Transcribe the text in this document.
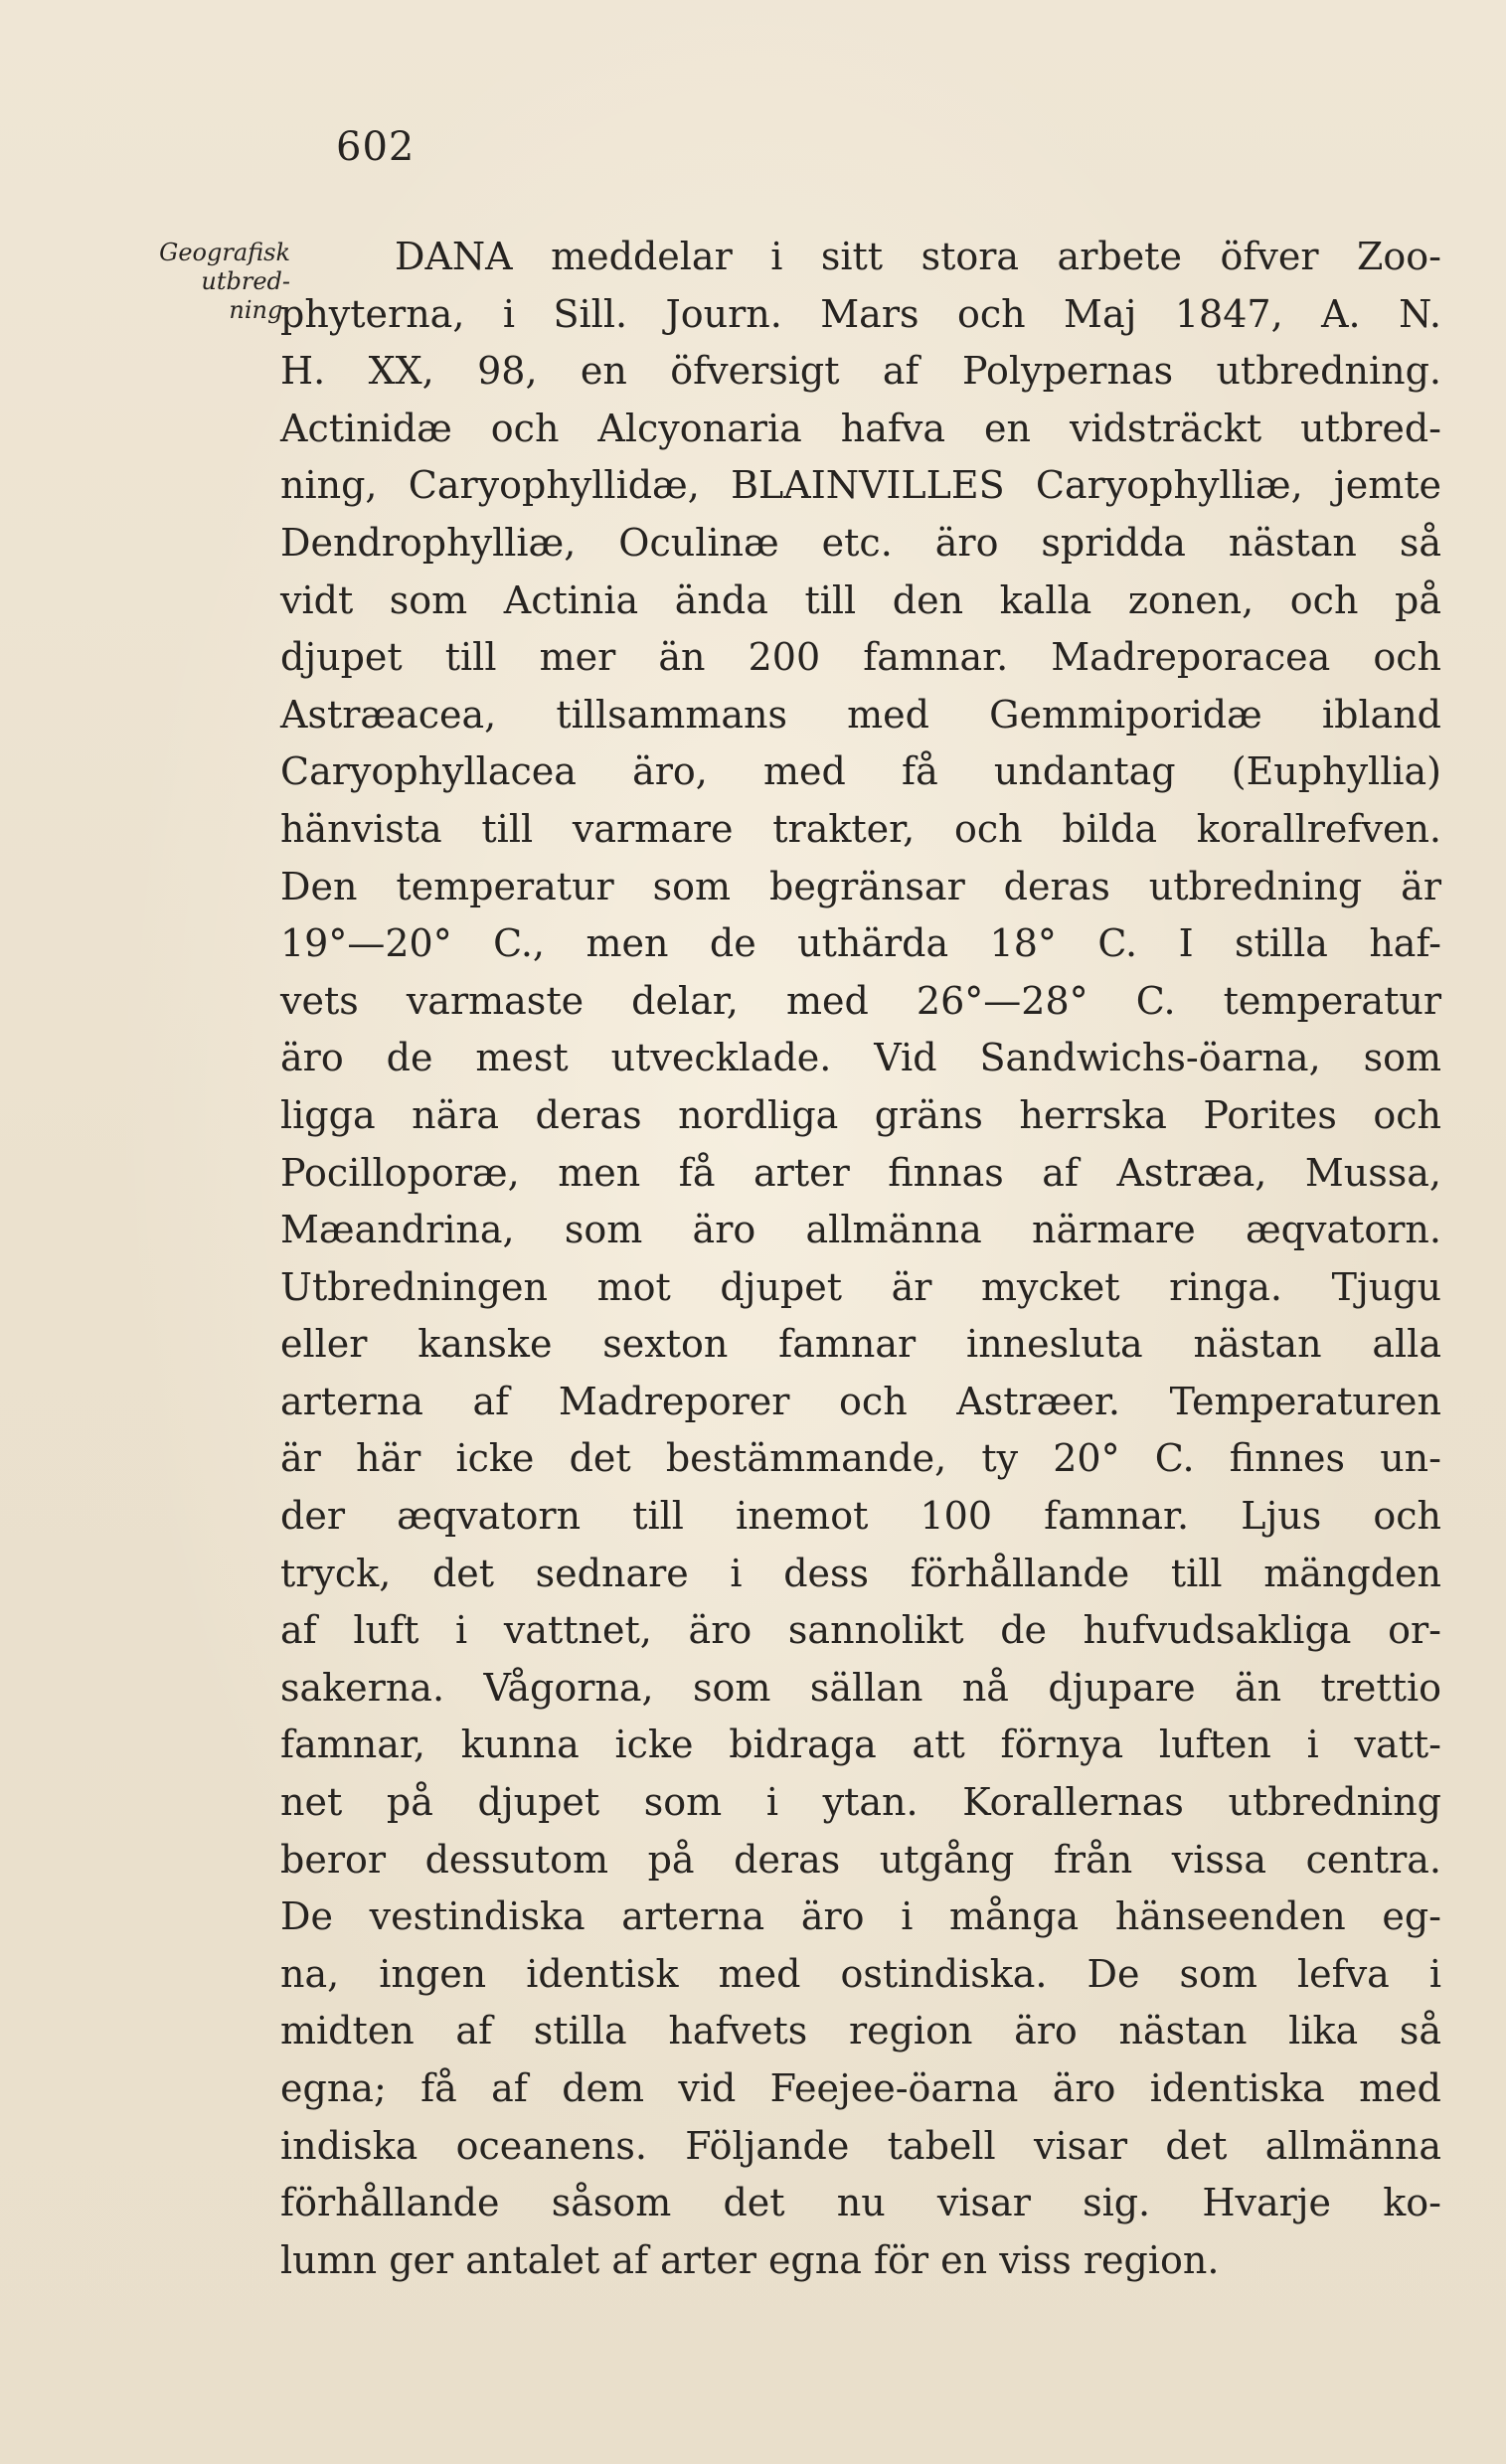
602
Geografisk
utbred-
ning.
DANA meddelar i sitt stora arbete öfver Zoo-
phyterna, i Sill. Journ. Mars och Maj 1847, A. N.
H. XX, 98, en öfversigt af Polypernas utbredning.
Actinidæ och Alcyonaria hafva en vidsträckt utbred-
ning, Caryophyllidæ, BLAINVILLES Caryophylliæ, jemte
Dendrophylliæ, Oculinæ etc. äro spridda nästan så
vidt som Actinia ända till den kalla zonen, och på
djupet till mer än 200 famnar. Madreporacea och
Astræacea, tillsammans med Gemmiporidæ ibland
Caryophyllacea äro, med få undantag (Euphyllia)
hänvista till varmare trakter, och bilda korallrefven.
Den temperatur som begränsar deras utbredning är
19°—20° C., men de uthärda 18° C. I stilla haf-
vets varmaste delar, med 26°—28° C. temperatur
äro de mest utvecklade. Vid Sandwichs-öarna, som
ligga nära deras nordliga gräns herrska Porites och
Pocilloporæ, men få arter finnas af Astræa, Mussa,
Mæandrina, som äro allmänna närmare æqvatorn.
Utbredningen mot djupet är mycket ringa. Tjugu
eller kanske sexton famnar innesluta nästan alla
arterna af Madreporer och Astræer. Temperaturen
är här icke det bestämmande, ty 20° C. finnes un-
der æqvatorn till inemot 100 famnar. Ljus och
tryck, det sednare i dess förhållande till mängden
af luft i vattnet, äro sannolikt de hufvudsakliga or-
sakerna. Vågorna, som sällan nå djupare än trettio
famnar, kunna icke bidraga att förnya luften i vatt-
net på djupet som i ytan. Korallernas utbredning
beror dessutom på deras utgång från vissa centra.
De vestindiska arterna äro i många hänseenden eg-
na, ingen identisk med ostindiska. De som lefva i
midten af stilla hafvets region äro nästan lika så
egna; få af dem vid Feejee-öarna äro identiska med
indiska oceanens. Följande tabell visar det allmänna
förhållande såsom det nu visar sig. Hvarje ko-
lumn ger antalet af arter egna för en viss region.
